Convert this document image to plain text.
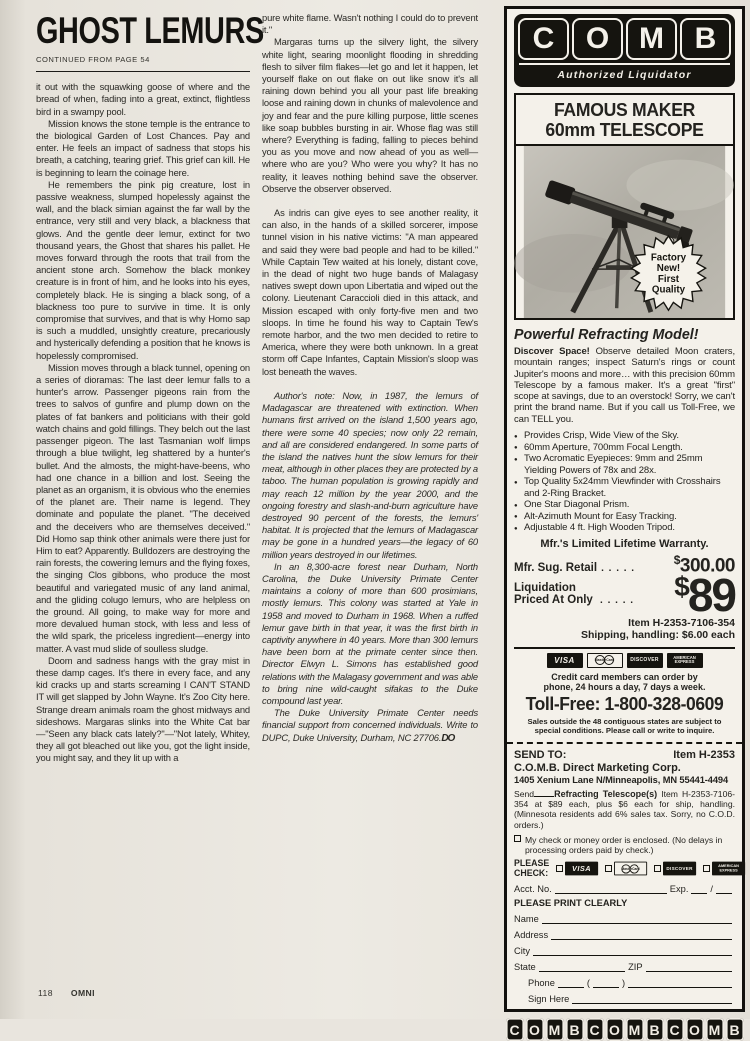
GHOST LEMURS
CONTINUED FROM PAGE 54

it out with the squawking goose of where and the bread of when, fading into a great, extinct, flightless bird in a swampy pool.

Mission knows the stone temple is the entrance to the biological Garden of Lost Chances. Pay and enter. He feels an impact of sadness that stops his breath, a catching, tearing grief. This grief can kill. He is beginning to learn the coinage here.

He remembers the pink pig creature, lost in passive weakness, slumped hopelessly against the wall, and the black simian against the far wall by the entrance, very still and very black, a blackness that glows. And the gentle deer lemur, extinct for two thousand years, the Ghost that shares his pallet. He moves forward through the roots that trail from the ancient stone arch. Somehow the black monkey creature is in front of him, and he looks into his eyes, completely black. He is singing a black song, of a blackness too pure to survive in time. It is only compromise that survives, and that is why Homo sap is such a muddled, unsightly creature, precariously and hysterically defending a position that he knows is hopelessly compromised.

Mission moves through a black tunnel, opening on a series of dioramas: The last deer lemur falls to a hunter's arrow. Passenger pigeons rain from the trees to salvos of gunfire and plump down on the plates of fat bankers and politicians with their gold watch chains and gold fillings. They belch out the last passenger pigeon. The last Tasmanian wolf limps through a blue twilight, leg shattered by a hunter's bullet. And the almosts, the might-have-beens, who had one chance in a billion and lost. Seeing the planet as an organism, it is obvious who the enemies of the planet are. Their name is legend. They dominate and populate the planet. "The deceived and the deceivers who are themselves deceived." Did Homo sap think other animals were there just for Him to eat? Apparently. Bulldozers are destroying the rain forests, the cowering lemurs and the flying foxes, the singing Clos gibbons, who produce the most beautiful and variegated music of any land animal, and the gliding colugo lemurs, who are helpless on the ground. All going, to make way for more and more devalued human stock, with less and less of the wild spark, the priceless ingredient—energy into matter. A vast mud slide of soulless sludge.

Doom and sadness hangs with the gray mist in these damp cages. It's there in every face, and any kid cracks up and starts screaming I CAN'T STAND IT will get slapped by John Wayne. It's Zoo City here. Strange dream animals roam the ghost midways and sideshows. Margaras slinks into the White Cat bar—"Seen any black cats lately?"—"Not lately, Whitey, they all got bleached out like you, got the light inside, you might say, and they lit up with a

pure white flame. Wasn't nothing I could do to prevent it."

Margaras turns up the silvery light, the silvery white light, searing moonlight flooding in shredding flesh to silver film flakes—let go and let it happen, let yourself flake on out flake on out like snow it's all raining down behind you all your past life breaking loose and raining down in chunks of malevolence and joy and fear and the pure killing purpose, little scenes like soap bubbles bursting in air. Whose flag was still where? Everything is fading, falling to pieces behind you as you move and now ahead of you as well—where who are you? Who were you why? It has no reality, it leaves nothing behind save the observer. Observe the observer observed.

As indris can give eyes to see another reality, it can also, in the hands of a skilled sorcerer, impose tunnel vision in his native victims: "A man appeared and said they were bad people and had to be killed." While Captain Tew waited at his lonely, distant cove, in the dead of night two huge bands of Malagasy natives swept down upon Libertatia and wiped out the colony. Lieutenant Caraccioli died in this attack, and Mission escaped with only forty-five men and two sloops. In time he found his way to Captain Tew's remote harbor, and the two men decided to retire to America, where they were both unknown. In a great storm off Cape Infantes, Captain Mission's sloop was lost beneath the waves.

Author's note: Now, in 1987, the lemurs of Madagascar are threatened with extinction. When humans first arrived on the island 1,500 years ago, there were some 40 species; now only 22 remain, and all are considered endangered. In some parts of the island the natives hunt the slow lemurs for their meat, although in other places they are protected by a taboo. The human population is growing rapidly and may reach 12 million by the year 2000, and the ongoing forestry and slash-and-burn agriculture have destroyed 90 percent of the forests, the lemurs' habitat. It is projected that the lemurs of Madagascar may be gone in a hundred years—the legacy of 60 million years destroyed in our lifetimes.

In an 8,300-acre forest near Durham, North Carolina, the Duke University Primate Center maintains a colony of more than 600 prosimians, mostly lemurs. This colony was started at Yale in 1958 and moved to Durham in 1968. When a ruffed lemur gave birth in that year, it was the first birth in captivity anywhere in 40 years. More than 300 lemurs have been born at the primate center since then. Director Elwyn L. Simons has established good relations with the Malagasy government and was able to bring nine wild-caught sifakas to the Duke compound last year.

The Duke University Primate Center needs financial support from concerned individuals. Write to DUPC, Duke University, Durham, NC 27706.DO

118 OMNI
C	O M	B
Authorized Liquidator
FAMOUS MAKER
60mm TELESCOPE
Factory
New!
First
Quality
Powerful Refracting Model!
Discover Space! Observe detailed Moon craters, mountain ranges; inspect Saturn's rings or count Jupiter's moons and more… with this precision 60mm Telescope by a famous maker. It's a great "first" scope at savings, due to an overstock! Sorry, we can't print the brand name. But if you call us Toll-Free, we can TELL you.
● Provides Crisp, Wide View of the Sky.
● 60mm Aperture, 700mm Focal Length.
● Two Acromatic Eyepieces: 9mm and 25mm Yielding Powers of 78x and 28x.
● Top Quality 5x24mm Viewfinder with Crosshairs and 2-Ring Bracket.
● One Star Diagonal Prism.
● Alt-Azimuth Mount for Easy Tracking.
● Adjustable 4 ft. High Wooden Tripod.
Mfr.'s Limited Lifetime Warranty.
Mfr. Sug. Retail . . . . .
$300.00
Liquidation
Priced At Only . . . . . $ 89
Item H-2353-7106-354
Shipping, handling: $6.00 each
VISA	MasterCard	DISCOVER
AMERICAN EXPRESS
Credit card members can order by
phone, 24 hours a day, 7 days a week.
Toll-Free: 1-800-328-0609
Sales outside the 48 contiguous states are subject to special conditions. Please call or write to inquire.
SEND TO:	Item H-2353
C.O.M.B. Direct Marketing Corp.
1405 Xenium Lane N/Minneapolis, MN 55441-4494
Send Refracting Telescope(s) Item H-2353-7106-354 at $89 each, plus $6 each for ship, handling. (Minnesota residents add 6% sales tax. Sorry, no C.O.D. orders.)
My check or money order is enclosed. (No delays in processing orders paid by check.)
PLEASE CHECK:	VISA	MasterCard	DISCOVER
AMERICAN EXPRESS
Acct. No.	Exp. /
PLEASE PRINT CLEARLY
Name
Address
City
State	ZIP
Phone	(	)
Sign Here
C O M B C O M B C O M B
